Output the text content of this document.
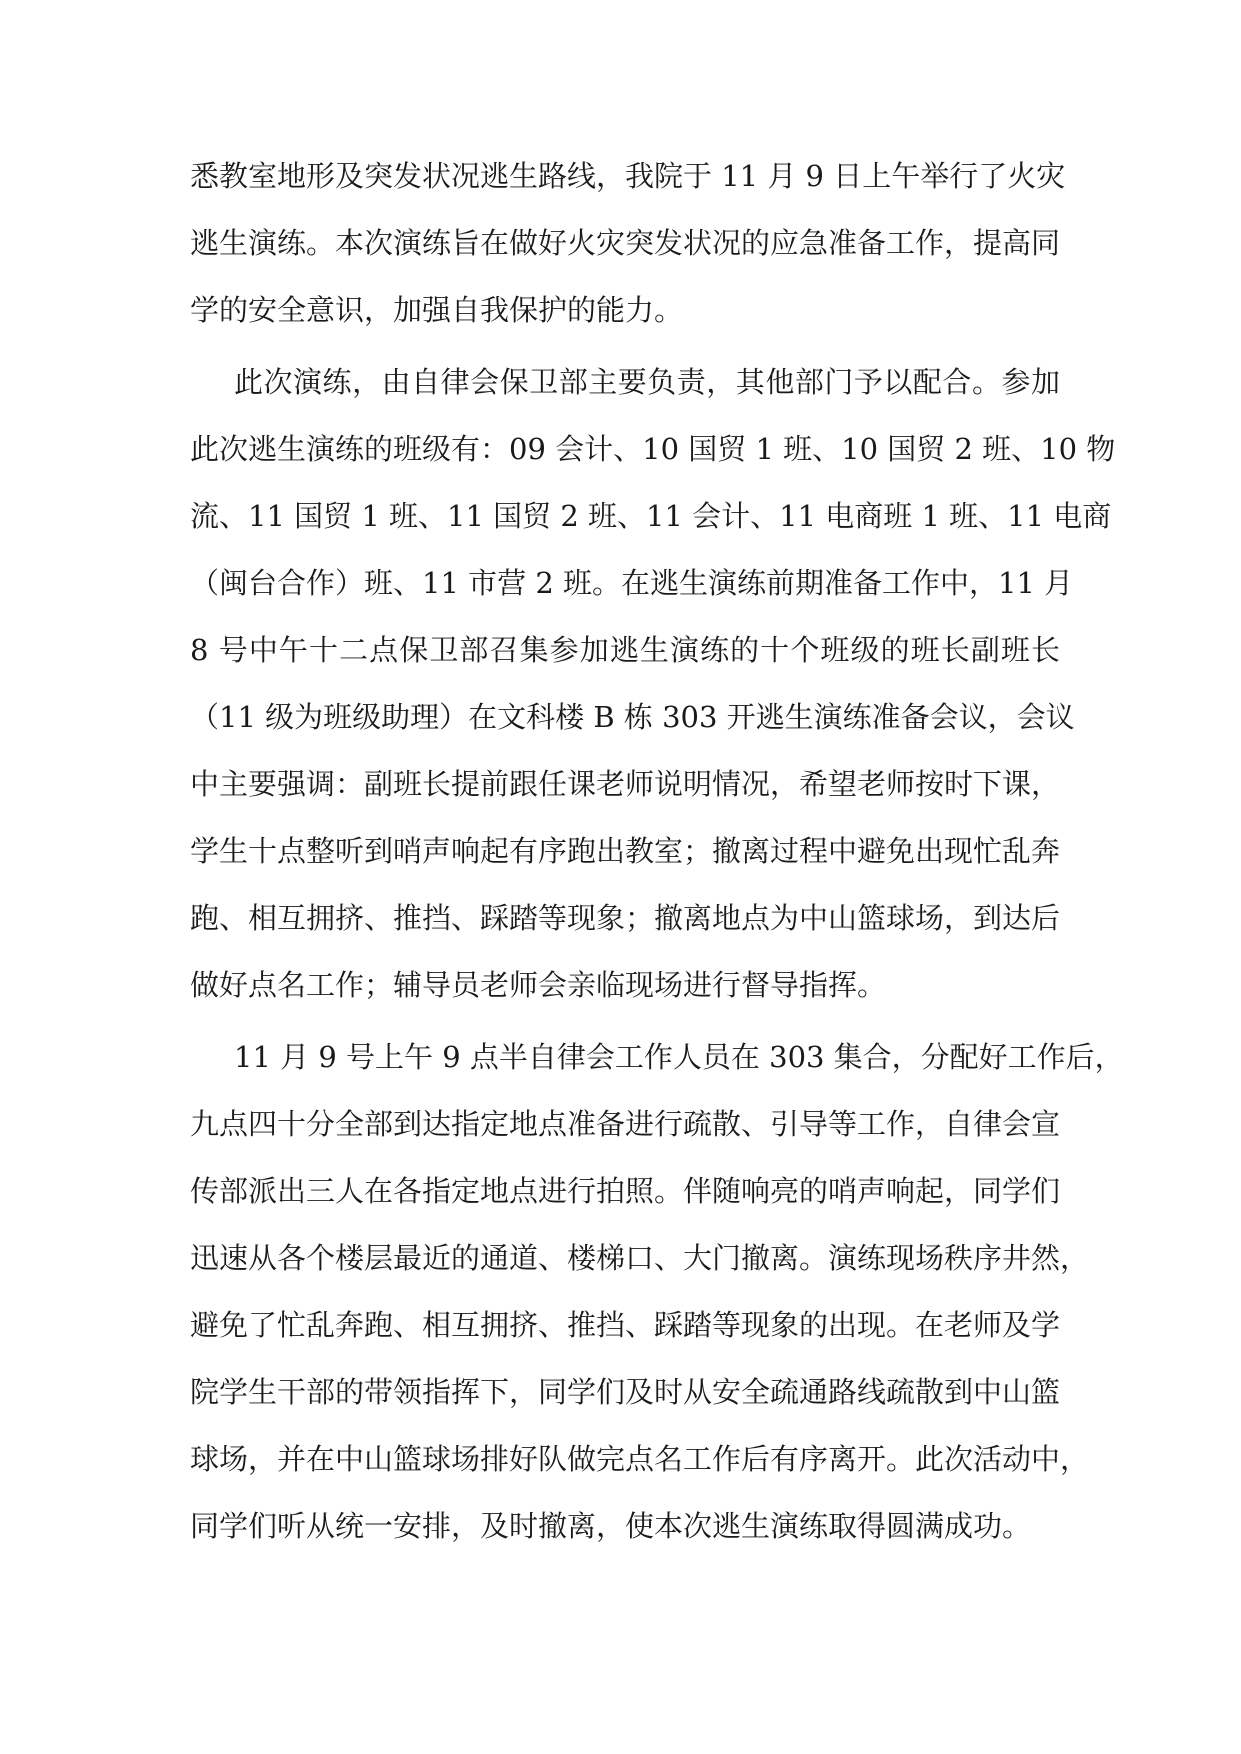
悉教室地形及突发状况逃生路线，我院于 11 月 9 日上午举行了火灾
逃生演练。本次演练旨在做好火灾突发状况的应急准备工作，提高同
学的安全意识，加强自我保护的能力。
此次演练，由自律会保卫部主要负责，其他部门予以配合。参加
此次逃生演练的班级有：09 会计、10 国贸 1 班、10 国贸 2 班、10 物
流、11 国贸 1 班、11 国贸 2 班、11 会计、11 电商班 1 班、11 电商
（闽台合作）班、11 市营 2 班。在逃生演练前期准备工作中，11 月
8 号中午十二点保卫部召集参加逃生演练的十个班级的班长副班长
（11 级为班级助理）在文科楼 B 栋 303 开逃生演练准备会议，会议
中主要强调：副班长提前跟任课老师说明情况，希望老师按时下课，
学生十点整听到哨声响起有序跑出教室；撤离过程中避免出现忙乱奔
跑、相互拥挤、推挡、踩踏等现象；撤离地点为中山篮球场，到达后
做好点名工作；辅导员老师会亲临现场进行督导指挥。
11 月 9 号上午 9 点半自律会工作人员在 303 集合，分配好工作后，
九点四十分全部到达指定地点准备进行疏散、引导等工作，自律会宣
传部派出三人在各指定地点进行拍照。伴随响亮的哨声响起，同学们
迅速从各个楼层最近的通道、楼梯口、大门撤离。演练现场秩序井然，
避免了忙乱奔跑、相互拥挤、推挡、踩踏等现象的出现。在老师及学
院学生干部的带领指挥下，同学们及时从安全疏通路线疏散到中山篮
球场，并在中山篮球场排好队做完点名工作后有序离开。此次活动中，
同学们听从统一安排，及时撤离，使本次逃生演练取得圆满成功。
